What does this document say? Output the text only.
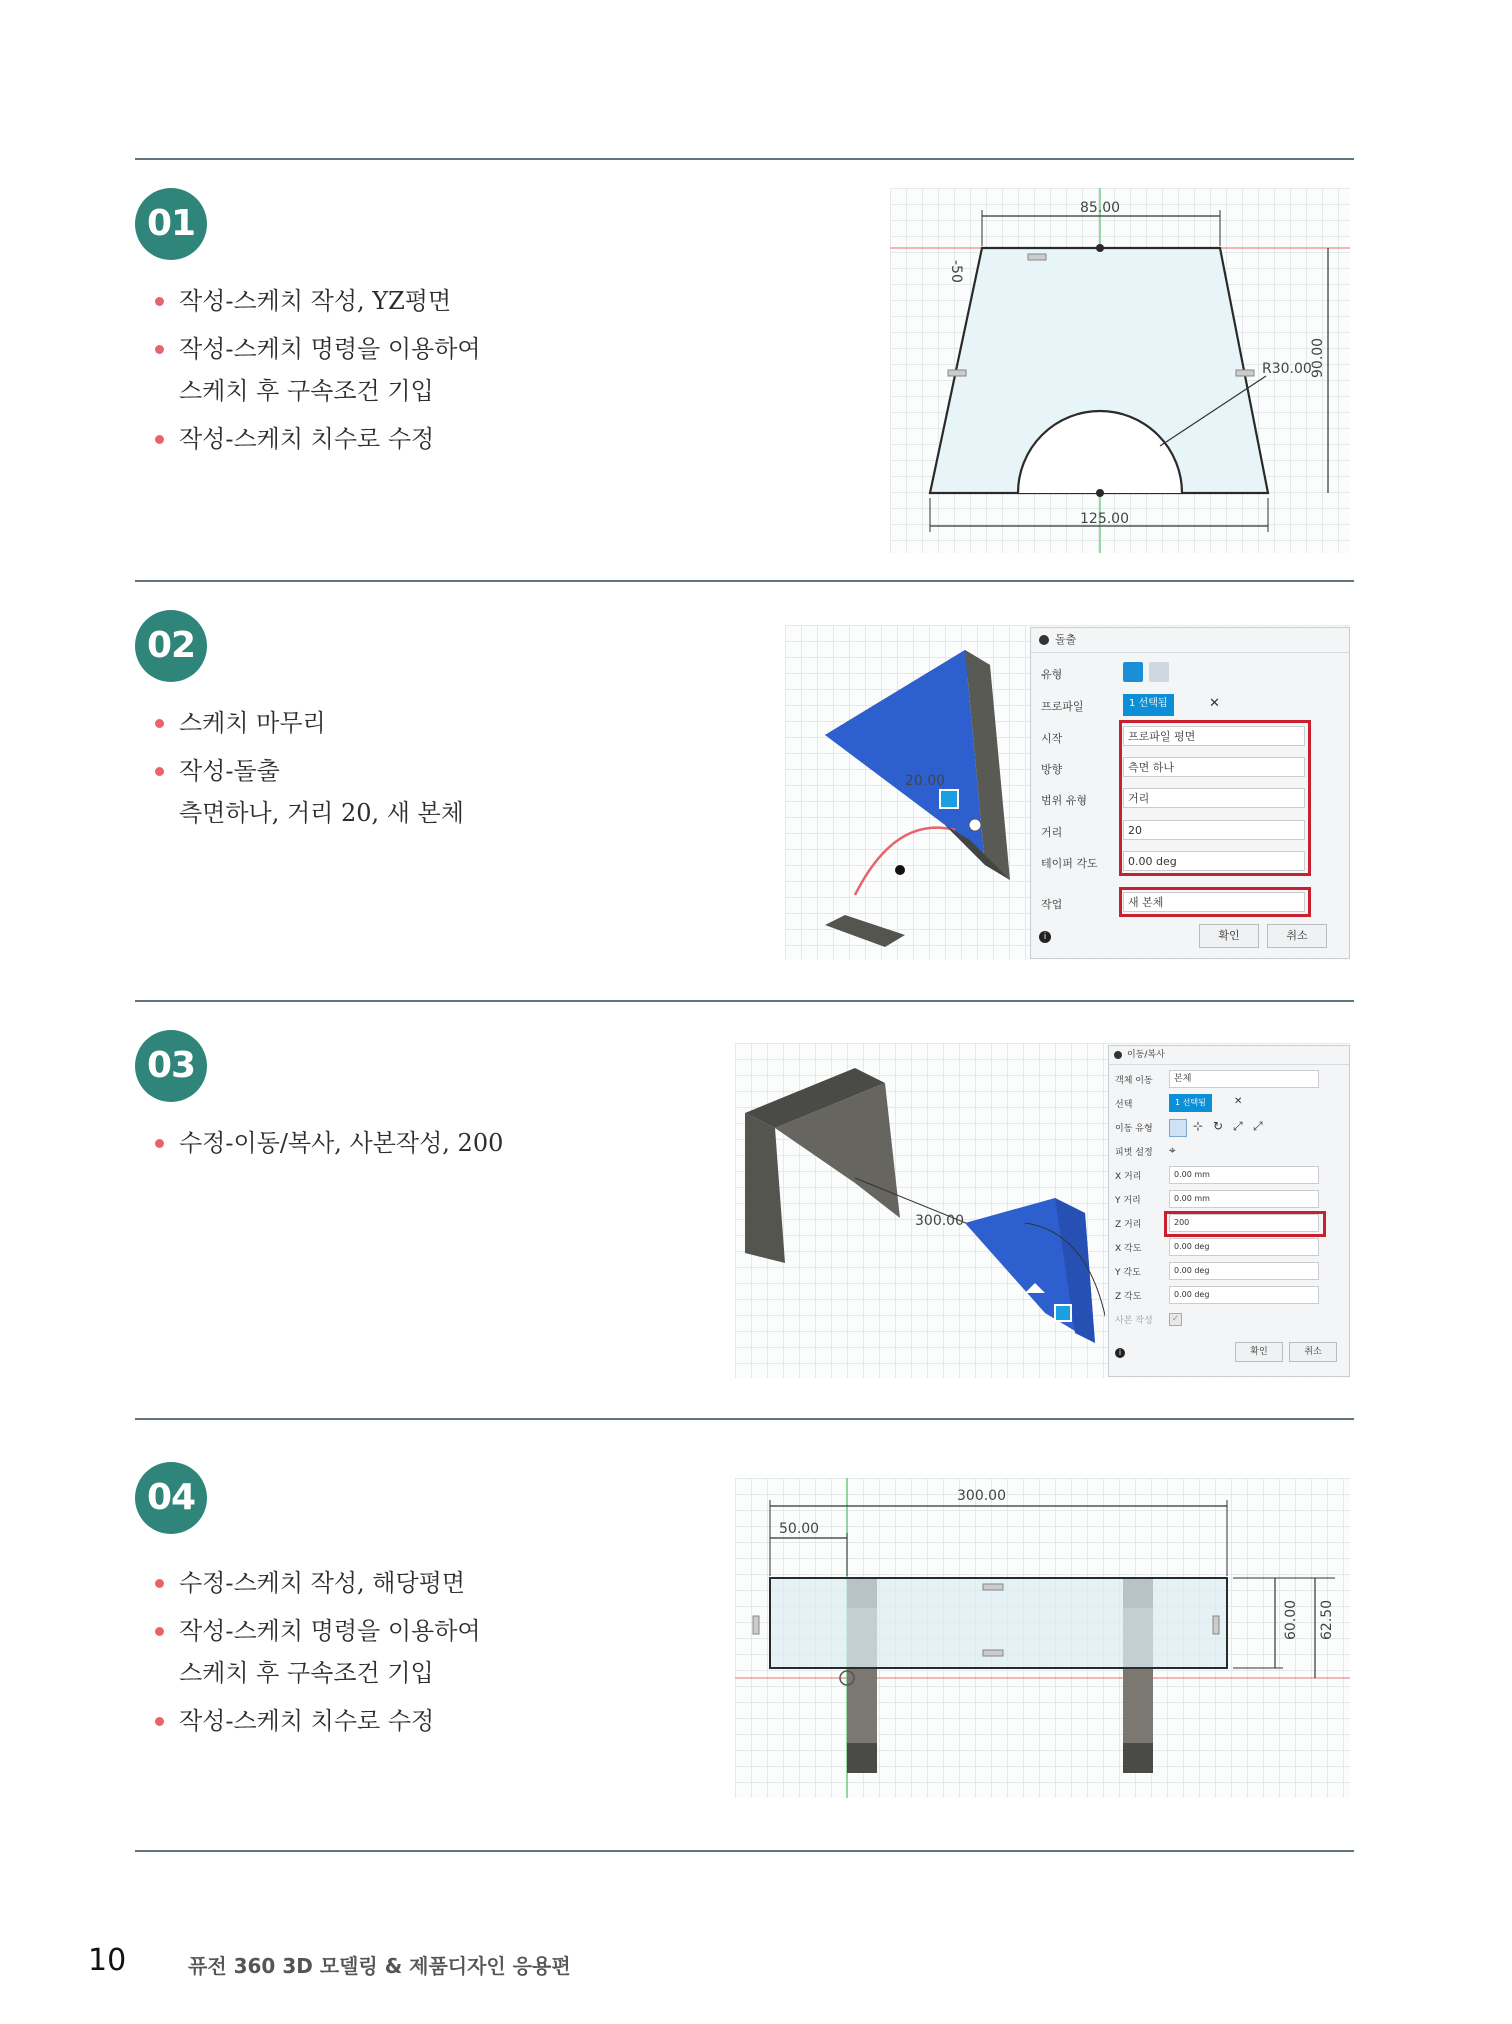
01
작성-스케치 작성, YZ평면
작성-스케치 명령을 이용하여
스케치 후 구속조건 기입
작성-스케치 치수로 수정
85.00
125.00
90.00
R30.00
-50
02
스케치 마무리
작성-돌출
측면하나, 거리 20, 새 본체
20.00
돌출
유형
프로파일	1 선택됨	✕
시작	프로파일 평면
방향	측면 하나
범위 유형	거리
거리	20
테이퍼 각도	0.00 deg
작업	새 본체
i	확인	취소
03
수정-이동/복사, 사본작성, 200
300.00
이동/복사
객체 이동	본체
선택	1 선택됨	✕
이동 유형	⊹ ↻ ⤢ ⤢
피벗 설정 ⌖
X 거리	0.00 mm
Y 거리	0.00 mm
Z 거리	200
X 각도	0.00 deg
Y 각도	0.00 deg
Z 각도	0.00 deg
사본 작성	✓
i	확인	취소
04
수정-스케치 작성, 해당평면
작성-스케치 명령을 이용하여
스케치 후 구속조건 기입
작성-스케치 치수로 수정
300.00
50.00
60.00 62.50
10	퓨전 360 3D 모델링 & 제품디자인 응용편
